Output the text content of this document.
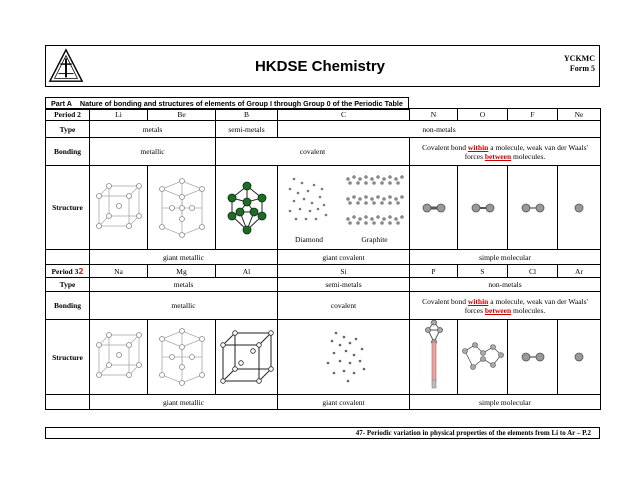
HKDSE Chemistry	YCKMC
Form 5
Part A Nature of bonding and structures of elements of Group I through Group 0 of the Periodic Table
Period 2	Li	Be	B	C	N	O	F	Ne
Type	metals		semi-metals	non-metals				
Bonding	metallic		covalent		Covalent bond within a molecule, weak van der Waals'
forces between molecules.			
Structure				Diamond Graphite

	giant metallic			giant covalent	simple molecular			
Period 32	Na	Mg	Al	Si	P	S	Cl	Ar
Type	metals			semi-metals	non-metals			
Bonding	metallic			covalent	Covalent bond within a molecule, weak van der Waals'
forces between molecules.			
Structure	

	giant metallic			giant covalent	simple molecular			
47- Periodic variation in physical properties of the elements from Li to Ar – P.2
